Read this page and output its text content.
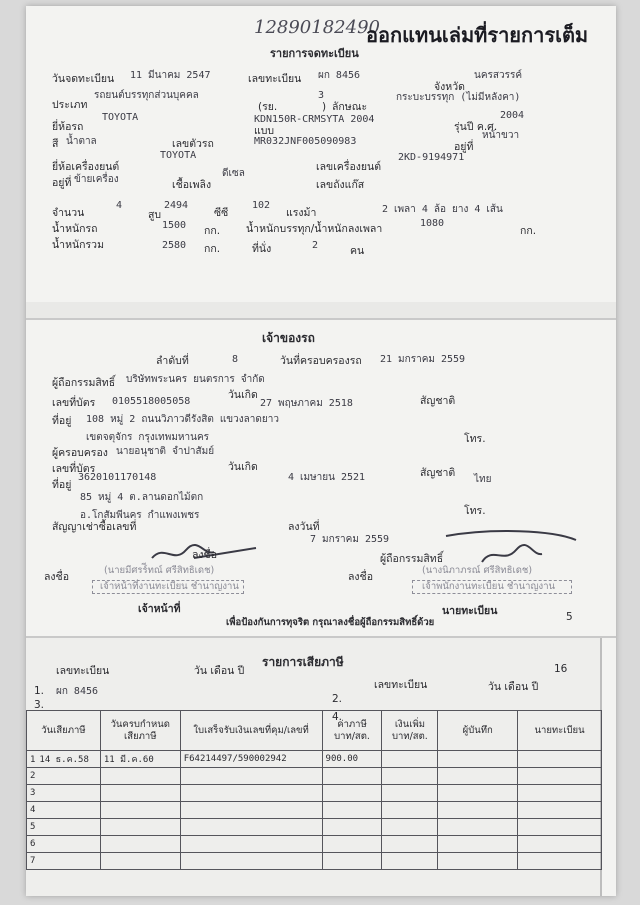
12890182490
ออกแทนเล่มที่รายการเต็ม
รายการจดทะเบียน
วันจดทะเบียน 11 มีนาคม 2547	เลขทะเบียน ผก 8456
จังหวัด
นครสวรรค์
ประเภท
รถยนต์บรรทุกส่วนบุคคล	3	กระบะบรรทุก (ไม่มีหลังคา)
(รย.	) ลักษณะ
TOYOTA	KDN150R-CRMSYTA 2004	2004
ยี่ห้อรถ	แบบ	รุ่นปี ค.ศ.
สี น้ำตาล	เลขตัวรถ	MR032JNF005090983	อยู่ที่
หน้าขวา
TOYOTA	2KD-9194971
ยี่ห้อเครื่องยนต์	เลขเครื่องยนต์
อยู่ที่ ข้ายเครื่อง	เชื้อเพลิง
ดีเซล
เลขถังแก๊ส
จำนวน
4
สูบ
2494
ซีซี
102
แรงม้า	2 เพลา 4 ล้อ ยาง 4 เส้น
น้ำหนักรถ	1500 กก. น้ำหนักบรรทุก/น้ำหนักลงเพลา	1080
กก.
น้ำหนักรวม	2580 กก.	ที่นั่ง	2	คน
เจ้าของรถ
ลำดับที่	8	วันที่ครอบครองรถ 21 มกราคม 2559
ผู้ถือกรรมสิทธิ์ บริษัทพระนคร ยนตรการ จำกัด
วันเกิด
เลขที่บัตร 0105518005058	27 พฤษภาคม 2518	สัญชาติ
ที่อยู่ 108 หมู่ 2 ถนนวิภาวดีรังสิต แขวงลาดยาว
เขตจตุจักร กรุงเทพมหานคร	โทร.
ผู้ครอบครอง นายอนุชาติ จำปาสัมย์
วันเกิด
เลขที่บัตร
3620101170148	4 เมษายน 2521	สัญชาติ
ไทย
ที่อยู่
85 หมู่ 4 ต.ลานดอกไม้ตก
อ.โกสัมพีนคร กำแพงเพชร	โทร.
สัญญาเช่าซื้อเลขที่	ลงวันที่
7 มกราคม 2559
ลงชื่อ	ผู้ถือกรรมสิทธิ์
ลงชื่อ
(นายมีศรร์ีทณ์ ศรีสิทธิเดช)
เจ้าหน้าที่งานทะเบียน ชำนาญงาน
ลงชื่อ
(นางนิภาภรณ์ ศรีสิทธิเดช)
เจ้าพนักงานทะเบียน ชำนาญงาน
เจ้าหน้าที่	นายทะเบียน	5
เพื่อป้องกันการทุจริต กรุณาลงชื่อผู้ถือกรรมสิทธิ์ด้วย
รายการเสียภาษี	16
เลขทะเบียน	วัน เดือน ปี
เลขทะเบียน	วัน เดือน ปี
1. ผก 8456
3.	2.
4.
วันเสียภาษี	วันครบกำหนดเสียภาษี	ใบเสร็จรับเงินเลขที่คุม/เลขที่	ค่าภาษี บาท/สต.	เงินเพิ่ม บาท/สต.	ผู้บันทึก	นายทะเบียน
1 14 ธ.ค.58	11 มี.ค.60	F64214497/590002942	900.00			
2						
3						
4						
5						
6						
7						
